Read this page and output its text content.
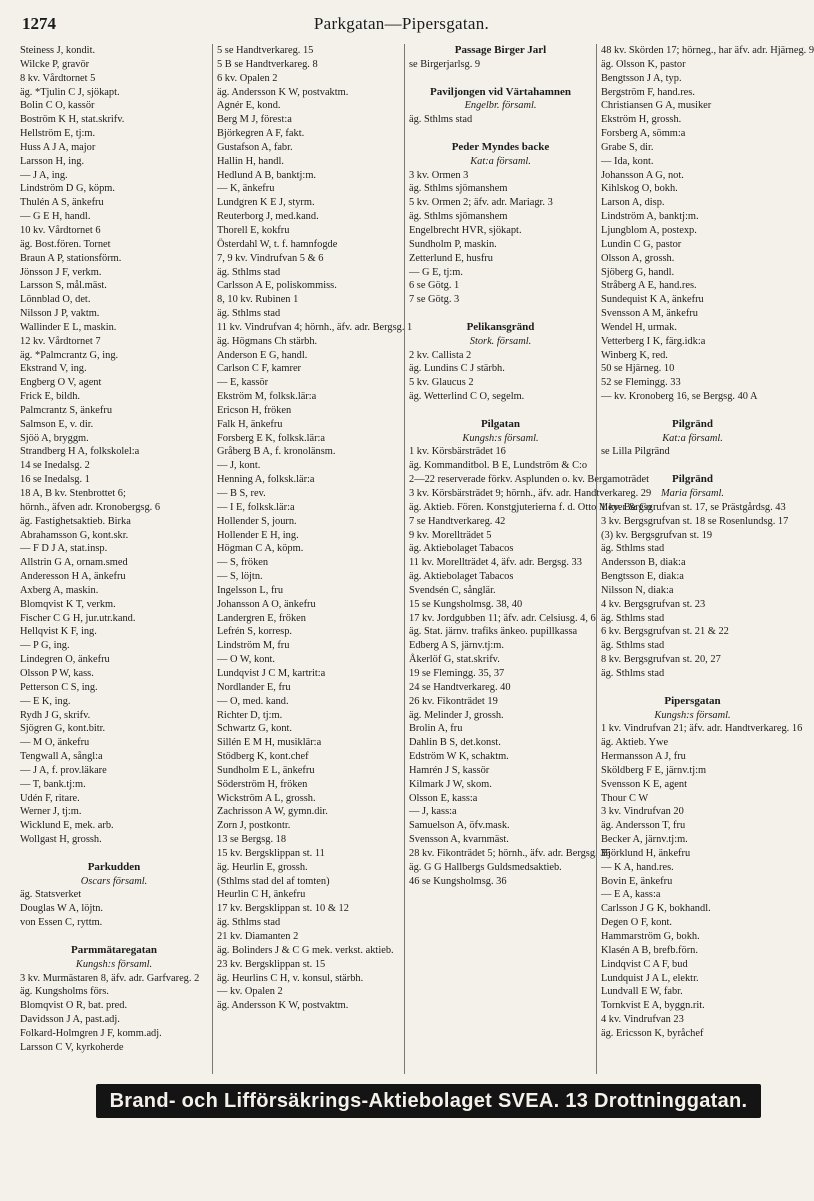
1274	Parkgatan—Pipersgatan.
Steiness J, kondit.
Wilcke P, gravör
8 kv. Vårdtornet 5
äg. *Tjulin C J, sjökapt.
Bolin C O, kassör
Boström K H, stat.skrifv.
Hellström E, tj:m.
Huss A J A, major
Larsson H, ing.
— J A, ing.
Lindström D G, köpm.
Thulén A S, änkefru
— G E H, handl.
10 kv. Vårdtornet 6
äg. Bost.fören. Tornet
Braun A P, stationsförm.
Jönsson J F, verkm.
Larsson S, mål.mäst.
Lönnblad O, det.
Nilsson J P, vaktm.
Wallinder E L, maskin.
12 kv. Vårdtornet 7
äg. *Palmcrantz G, ing.
Ekstrand V, ing.
Engberg O V, agent
Frick E, bildh.
Palmcrantz S, änkefru
Salmson E, v. dir.
Sjöö A, bryggm.
Strandberg H A, folkskolel:a
14 se Inedalsg. 2
16 se Inedalsg. 1
18 A, B kv. Stenbrottet 6;
hörnh., äfven adr. Kronobergsg. 6
äg. Fastighetsaktieb. Birka
Abrahamsson G, kont.skr.
— F D J A, stat.insp.
Allstrin G A, ornam.smed
Anderesson H A, änkefru
Axberg A, maskin.
Blomqvist K T, verkm.
Fischer C G H, jur.utr.kand.
Hellqvist K F, ing.
— P G, ing.
Lindegren O, änkefru
Olsson P W, kass.
Petterson C S, ing.
— E K, ing.
Rydh J G, skrifv.
Sjögren G, kont.bitr.
— M O, änkefru
Tengwall A, sångl:a
— J A, f. prov.läkare
— T, bank.tj:m.
Udén F, ritare.
Werner J, tj:m.
Wicklund E, mek. arb.
Wollgast H, grossh.

Parkudden
Oscars församl.
äg. Statsverket
Douglas W A, löjtn.
von Essen C, ryttm.

Parmmätaregatan
Kungsh:s församl.
3 kv. Murmästaren 8, äfv. adr. Garfvareg. 2
äg. Kungsholms förs.
Blomqvist O R, bat. pred.
Davidsson J A, past.adj.
Folkard-Holmgren J F, komm.adj.
Larsson C V, kyrkoherde
5 se Handtverkareg. 15
5 B se Handtverkareg. 8
6 kv. Opalen 2
äg. Andersson K W, postvaktm.
Agnér E, kond.
Berg M J, förest:a
Björkegren A F, fakt.
Gustafson A, fabr.
Hallin H, handl.
Hedlund A B, banktj:m.
— K, änkefru
Lundgren K E J, styrm.
Reuterborg J, med.kand.
Thorell E, kokfru
Österdahl W, t. f. hamnfogde
7, 9 kv. Vindrufvan 5 & 6
äg. Sthlms stad
Carlsson A E, poliskommiss.
8, 10 kv. Rubinen 1
äg. Sthlms stad
11 kv. Vindrufvan 4; hörnh., äfv. adr. Bergsg. 1
äg. Högmans Ch stärbh.
Anderson E G, handl.
Carlson C F, kamrer
— E, kassör
Ekström M, folksk.lär:a
Ericson H, fröken
Falk H, änkefru
Forsberg E K, folksk.lär:a
Gråberg B A, f. kronolänsm.
— J, kont.
Henning A, folksk.lär:a
— B S, rev.
— I E, folksk.lär:a
Hollender S, journ.
Hollender E H, ing.
Högman C A, köpm.
— S, fröken
— S, löjtn.
Ingelsson L, fru
Johansson A O, änkefru
Landergren E, fröken
Lefrén S, korresp.
Lindström M, fru
— O W, kont.
Lundqvist J C M, kartrit:a
Nordlander E, fru
— O, med. kand.
Richter D, tj:m.
Schwartz G, kont.
Sillén E M H, musiklär:a
Stödberg K, kont.chef
Sundholm E L, änkefru
Söderström H, fröken
Wickström A L, grossh.
Zachrisson A W, gymn.dir.
Zorn J, postkontr.
13 se Bergsg. 18
15 kv. Bergsklippan st. 11
äg. Heurlin E, grossh.
(Sthlms stad del af tomten)
Heurlin C H, änkefru
17 kv. Bergsklippan st. 10 & 12
äg. Sthlms stad
21 kv. Diamanten 2
äg. Bolinders J & C G mek. verkst. aktieb.
23 kv. Bergsklippan st. 15
äg. Heurlins C H, v. konsul, stärbh.
— kv. Opalen 2
äg. Andersson K W, postvaktm.
Passage Birger Jarl
se Birgerjarlsg. 9

Paviljongen vid Värtahamnen
Engelbr. församl.
äg. Sthlms stad

Peder Myndes backe
Kat:a församl.
3 kv. Ormen 3
äg. Sthlms sjömanshem
5 kv. Ormen 2; äfv. adr. Mariagr. 3
äg. Sthlms sjömanshem
Engelbrecht HVR, sjökapt.
Sundholm P, maskin.
Zetterlund E, husfru
— G E, tj:m.
6 se Götg. 1
7 se Götg. 3

Pelikansgränd
Stork. församl.
2 kv. Callista 2
äg. Lundins C J stärbh.
5 kv. Glaucus 2
äg. Wetterlind C O, segelm.

Pilgatan
Kungsh:s församl.
1 kv. Körsbärsträdet 16
äg. Kommanditbol. B E, Lundström & C:o
2—22 reserverade förkv. Asplunden o. kv. Bergamoträdet
3 kv. Körsbärsträdet 9; hörnh., äfv. adr. Handtverkareg. 29
äg. Aktieb. Fören. Konstgjuterierna f. d. Otto Meyer & Co
7 se Handtverkareg. 42
9 kv. Morellträdet 5
äg. Aktiebolaget Tabacos
11 kv. Morellträdet 4, äfv. adr. Bergsg. 33
äg. Aktiebolaget Tabacos
Svendsén C, sånglär.
15 se Kungsholmsg. 38, 40
17 kv. Jordgubben 11; äfv. adr. Celsiusg. 4, 6
äg. Stat. järnv. trafiks änkeo. pupillkassa
Edberg A S, järnv.tj:m.
Åkerlöf G, stat.skrifv.
19 se Flemingg. 35, 37
24 se Handtverkareg. 40
26 kv. Fikonträdet 19
äg. Melinder J, grossh.
Brolin A, fru
Dahlin B S, det.konst.
Edström W K, schaktm.
Hamrén J S, kassör
Kilmark J W, skom.
Olsson E, kass:a
— J, kass:a
Samuelson A, öfv.mask.
Svensson A, kvarnmäst.
28 kv. Fikonträdet 5; hörnh., äfv. adr. Bergsg. 35
äg. G G Hallbergs Guldsmedsaktieb.
46 se Kungsholmsg. 36
48 kv. Skörden 17; hörneg., har äfv. adr. Hjärneg. 9
äg. Olsson K, pastor
Bengtsson J A, typ.
Bergström F, hand.res.
Christiansen G A, musiker
Ekström H, grossh.
Forsberg A, sömm:a
Grabe S, dir.
— Ida, kont.
Johansson A G, not.
Kihlskog O, bokh.
Larson A, disp.
Lindström A, banktj:m.
Ljungblom A, postexp.
Lundin C G, pastor
Olsson A, grossh.
Sjöberg G, handl.
Stråberg A E, hand.res.
Sundequist K A, änkefru
Svensson A M, änkefru
Wendel H, urmak.
Vetterberg I K, färg.idk:a
Winberg K, red.
50 se Hjärneg. 10
52 se Flemingg. 33
— kv. Kronoberg 16, se Bergsg. 40 A

Pilgränd
Kat:a församl.
se Lilla Pilgränd

Pilgränd
Maria församl.
1 kv. Bergsgrufvan st. 17, se Prästgårdsg. 43
3 kv. Bergsgrufvan st. 18 se Rosenlundsg. 17
(3) kv. Bergsgrufvan st. 19
äg. Sthlms stad
Andersson B, diak:a
Bengtsson E, diak:a
Nilsson N, diak:a
4 kv. Bergsgrufvan st. 23
äg. Sthlms stad
6 kv. Bergsgrufvan st. 21 & 22
äg. Sthlms stad
8 kv. Bergsgrufvan st. 20, 27
äg. Sthlms stad

Pipersgatan
Kungsh:s församl.
1 kv. Vindrufvan 21; äfv. adr. Handtverkareg. 16
äg. Aktieb. Ywe
Hermansson A J, fru
Sköldberg F E, järnv.tj:m
Svensson K E, agent
Thour C W
3 kv. Vindrufvan 20
äg. Andersson T, fru
Becker A, järnv.tj:m.
Björklund H, änkefru
— K A, hand.res.
Bovin E, änkefru
— E A, kass:a
Carlsson J G K, bokhandl.
Degen O F, kont.
Hammarström G, bokh.
Klasén A B, brefb.förn.
Lindqvist C A F, bud
Lundquist J A L, elektr.
Lundvall E W, fabr.
Tornkvist E A, byggn.rit.
4 kv. Vindrufvan 23
äg. Ericsson K, byråchef
Brand- och Lifförsäkrings-Aktiebolaget SVEA. 13 Drottninggatan.
